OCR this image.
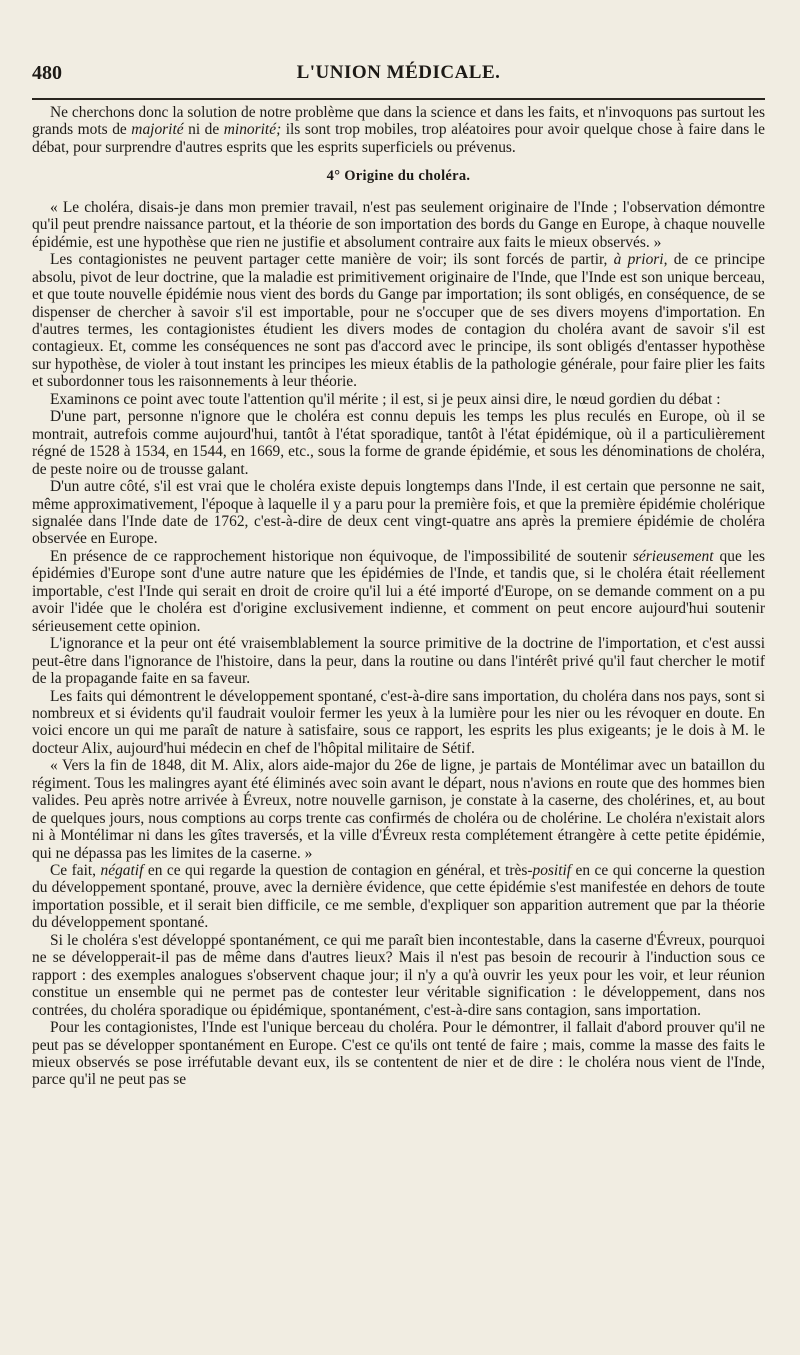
480	L'UNION MÉDICALE.

Ne cherchons donc la solution de notre problème que dans la science et dans les faits, et n'invoquons pas surtout les grands mots de majorité ni de minorité; ils sont trop mobiles, trop aléatoires pour avoir quelque chose à faire dans le débat, pour surprendre d'autres esprits que les esprits superficiels ou prévenus.

4° Origine du choléra.

« Le choléra, disais-je dans mon premier travail, n'est pas seulement originaire de l'Inde ; l'observation démontre qu'il peut prendre naissance partout, et la théorie de son importation des bords du Gange en Europe, à chaque nouvelle épidémie, est une hypothèse que rien ne justifie et absolument contraire aux faits le mieux observés. »

Les contagionistes ne peuvent partager cette manière de voir; ils sont forcés de partir, à priori, de ce principe absolu, pivot de leur doctrine, que la maladie est primitivement originaire de l'Inde, que l'Inde est son unique berceau, et que toute nouvelle épidémie nous vient des bords du Gange par importation; ils sont obligés, en conséquence, de se dispenser de chercher à savoir s'il est importable, pour ne s'occuper que de ses divers moyens d'importation. En d'autres termes, les contagionistes étudient les divers modes de contagion du choléra avant de savoir s'il est contagieux. Et, comme les conséquences ne sont pas d'accord avec le principe, ils sont obligés d'entasser hypothèse sur hypothèse, de violer à tout instant les principes les mieux établis de la pathologie générale, pour faire plier les faits et subordonner tous les raisonnements à leur théorie.

Examinons ce point avec toute l'attention qu'il mérite ; il est, si je peux ainsi dire, le nœud gordien du débat :

D'une part, personne n'ignore que le choléra est connu depuis les temps les plus reculés en Europe, où il se montrait, autrefois comme aujourd'hui, tantôt à l'état sporadique, tantôt à l'état épidémique, où il a particulièrement régné de 1528 à 1534, en 1544, en 1669, etc., sous la forme de grande épidémie, et sous les dénominations de choléra, de peste noire ou de trousse galant.

D'un autre côté, s'il est vrai que le choléra existe depuis longtemps dans l'Inde, il est certain que personne ne sait, même approximativement, l'époque à laquelle il y a paru pour la première fois, et que la première épidémie cholérique signalée dans l'Inde date de 1762, c'est-à-dire de deux cent vingt-quatre ans après la premiere épidémie de choléra observée en Europe.

En présence de ce rapprochement historique non équivoque, de l'impossibilité de soutenir sérieusement que les épidémies d'Europe sont d'une autre nature que les épidémies de l'Inde, et tandis que, si le choléra était réellement importable, c'est l'Inde qui serait en droit de croire qu'il lui a été importé d'Europe, on se demande comment on a pu avoir l'idée que le choléra est d'origine exclusivement indienne, et comment on peut encore aujourd'hui soutenir sérieusement cette opinion.

L'ignorance et la peur ont été vraisemblablement la source primitive de la doctrine de l'importation, et c'est aussi peut-être dans l'ignorance de l'histoire, dans la peur, dans la routine ou dans l'intérêt privé qu'il faut chercher le motif de la propagande faite en sa faveur.

Les faits qui démontrent le développement spontané, c'est-à-dire sans importation, du choléra dans nos pays, sont si nombreux et si évidents qu'il faudrait vouloir fermer les yeux à la lumière pour les nier ou les révoquer en doute. En voici encore un qui me paraît de nature à satisfaire, sous ce rapport, les esprits les plus exigeants; je le dois à M. le docteur Alix, aujourd'hui médecin en chef de l'hôpital militaire de Sétif.

« Vers la fin de 1848, dit M. Alix, alors aide-major du 26e de ligne, je partais de Montélimar avec un bataillon du régiment. Tous les malingres ayant été éliminés avec soin avant le départ, nous n'avions en route que des hommes bien valides. Peu après notre arrivée à Évreux, notre nouvelle garnison, je constate à la caserne, des cholérines, et, au bout de quelques jours, nous comptions au corps trente cas confirmés de choléra ou de cholérine. Le choléra n'existait alors ni à Montélimar ni dans les gîtes traversés, et la ville d'Évreux resta complétement étrangère à cette petite épidémie, qui ne dépassa pas les limites de la caserne. »

Ce fait, négatif en ce qui regarde la question de contagion en général, et très-positif en ce qui concerne la question du développement spontané, prouve, avec la dernière évidence, que cette épidémie s'est manifestée en dehors de toute importation possible, et il serait bien difficile, ce me semble, d'expliquer son apparition autrement que par la théorie du développement spontané.

Si le choléra s'est développé spontanément, ce qui me paraît bien incontestable, dans la caserne d'Évreux, pourquoi ne se développerait-il pas de même dans d'autres lieux? Mais il n'est pas besoin de recourir à l'induction sous ce rapport : des exemples analogues s'observent chaque jour; il n'y a qu'à ouvrir les yeux pour les voir, et leur réunion constitue un ensemble qui ne permet pas de contester leur véritable signification : le développement, dans nos contrées, du choléra sporadique ou épidémique, spontanément, c'est-à-dire sans contagion, sans importation.

Pour les contagionistes, l'Inde est l'unique berceau du choléra. Pour le démontrer, il fallait d'abord prouver qu'il ne peut pas se développer spontanément en Europe. C'est ce qu'ils ont tenté de faire ; mais, comme la masse des faits le mieux observés se pose irréfutable devant eux, ils se contentent de nier et de dire : le choléra nous vient de l'Inde, parce qu'il ne peut pas se
